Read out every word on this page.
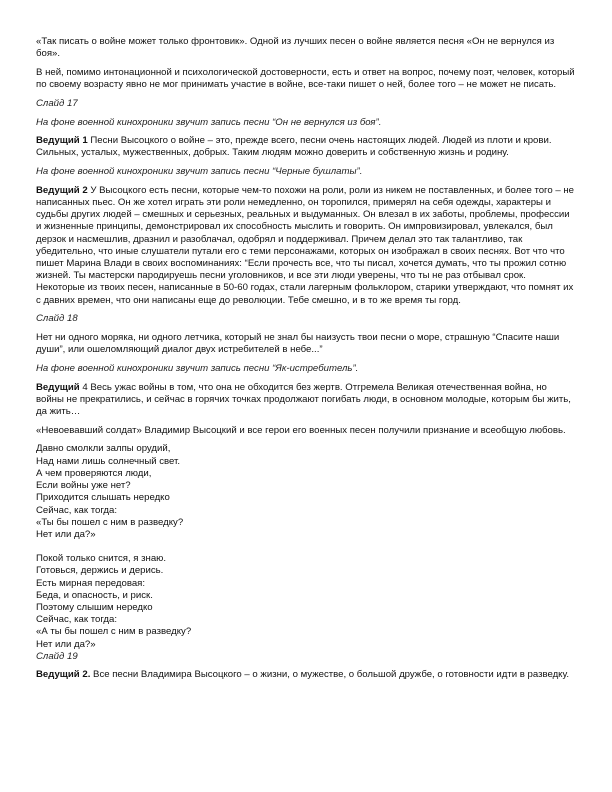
«Так писать о войне может только фронтовик». Одной из лучших песен о войне является песня «Он не вернулся из боя».

В ней, помимо интонационной и психологической достоверности, есть и ответ на вопрос, почему поэт, человек, который по своему возрасту явно не мог принимать участие в войне, все-таки пишет о ней, более того – не может не писать.

Слайд 17

На фоне военной кинохроники звучит запись песни “Он не вернулся из боя”.

Ведущий 1 Песни Высоцкого о войне – это, прежде всего, песни очень настоящих людей. Людей из плоти и крови. Сильных, усталых, мужественных, добрых. Таким людям можно доверить и собственную жизнь и родину.

На фоне военной кинохроники звучит запись песни “Черные бушлаты”.

Ведущий 2 У Высоцкого есть песни, которые чем-то похожи на роли, роли из никем не поставленных, и более того – не написанных пьес. Он же хотел играть эти роли немедленно, он торопился, примерял на себя одежды, характеры и судьбы других людей – смешных и серьезных, реальных и выдуманных. Он влезал в их заботы, проблемы, профессии и жизненные принципы, демонстрировал их способность мыслить и говорить. Он импровизировал, увлекался, был дерзок и насмешлив, дразнил и разоблачал, одобрял и поддерживал. Причем делал это так талантливо, так убедительно, что иные слушатели путали его с теми персонажами, которых он изображал в своих песнях. Вот что что пишет Марина Влади в своих воспоминаниях: “Если прочесть все, что ты писал, хочется думать, что ты прожил сотню жизней. Ты мастерски пародируешь песни уголовников, и все эти люди уверены, что ты не раз отбывал срок. Некоторые из твоих песен, написанные в 50-60 годах, стали лагерным фольклором, старики утверждают, что помнят их с давних времен, что они написаны еще до революции. Тебе смешно, и в то же время ты горд.

Слайд 18

Нет ни одного моряка, ни одного летчика, который не знал бы наизусть твои песни о море, страшную “Спасите наши души”, или ошеломляющий диалог двух истребителей в небе...”

На фоне военной кинохроники звучит запись песни “Як-истребитель”.

Ведущий 4 Весь ужас войны в том, что она не обходится без жертв. Отгремела Великая отечественная война, но войны не прекратились, и сейчас в горячих точках продолжают погибать люди, в основном молодые, которым бы жить, да жить…

«Невоевавший солдат» Владимир Высоцкий и все герои его военных песен получили признание и всеобщую любовь.

Давно смолкли залпы орудий,
Над нами лишь солнечный свет.
А чем проверяются люди,
Если войны уже нет?
Приходится слышать нередко
Сейчас, как тогда:
«Ты бы пошел с ним в разведку?
Нет или да?»
Покой только снится, я знаю.
Готовься, держись и дерись.
Есть мирная передовая:
Беда, и опасность, и риск.
Поэтому слышим нередко
Сейчас, как тогда:
«А ты бы пошел с ним в разведку?
Нет или да?»
Слайд 19

Ведущий 2. Все песни Владимира Высоцкого – о жизни, о мужестве, о большой дружбе, о готовности идти в разведку.
